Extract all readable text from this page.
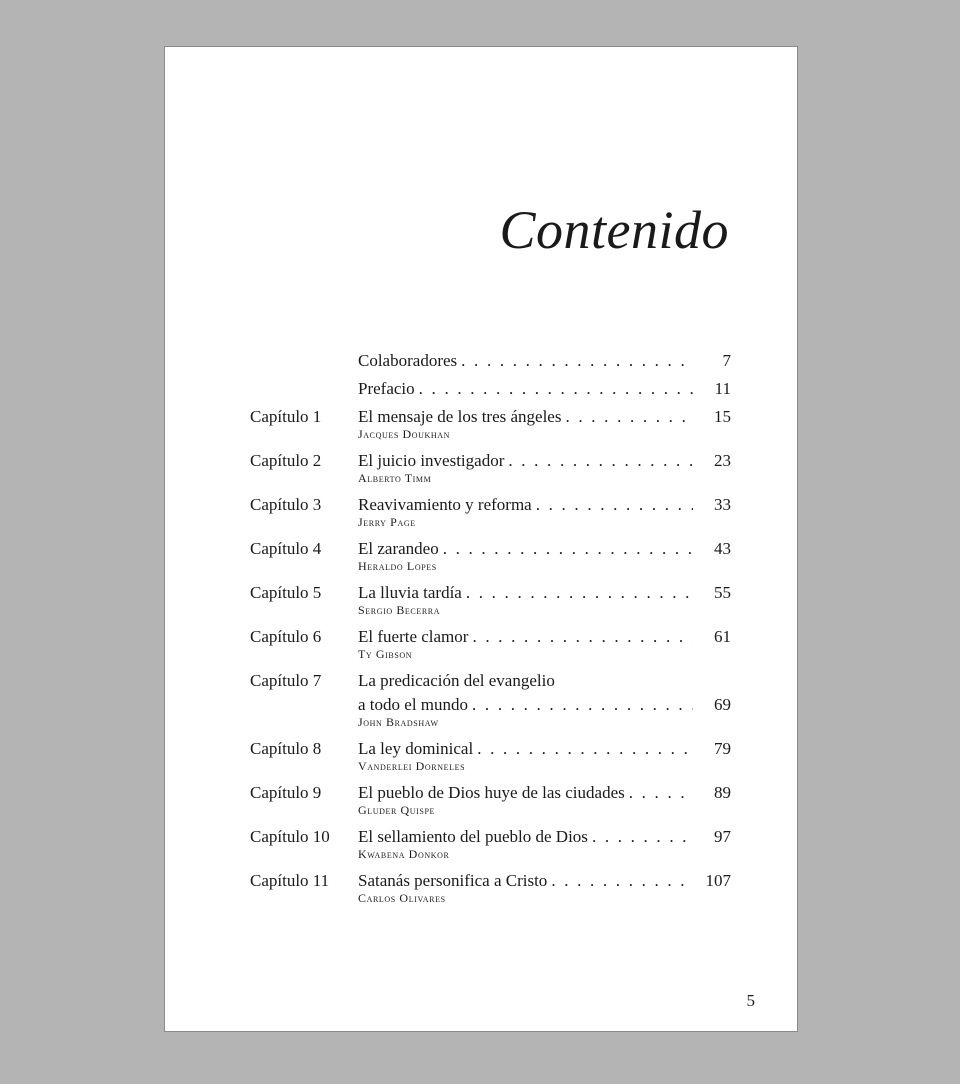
Contenido
Colaboradores . . .	7
Prefacio . . .	11
Capítulo 1	El mensaje de los tres ángeles . . .	15
Jacques Doukhan
Capítulo 2	El juicio investigador . . .	23
Alberto Timm
Capítulo 3	Reavivamiento y reforma . . .	33
Jerry Page
Capítulo 4	El zarandeo . . .	43
Heraldo Lopes
Capítulo 5	La lluvia tardía . . .	55
Sergio Becerra
Capítulo 6	El fuerte clamor . . .	61
Ty Gibson
Capítulo 7	La predicación del evangelio
a todo el mundo . . .	69
John Bradshaw
Capítulo 8	La ley dominical . . .	79
Vanderlei Dorneles
Capítulo 9	El pueblo de Dios huye de las ciudades . . .	89
Gluder Quispe
Capítulo 10	El sellamiento del pueblo de Dios . . .	97
Kwabena Donkor
Capítulo 11	Satanás personifica a Cristo . . .	107
Carlos Olivares
5
